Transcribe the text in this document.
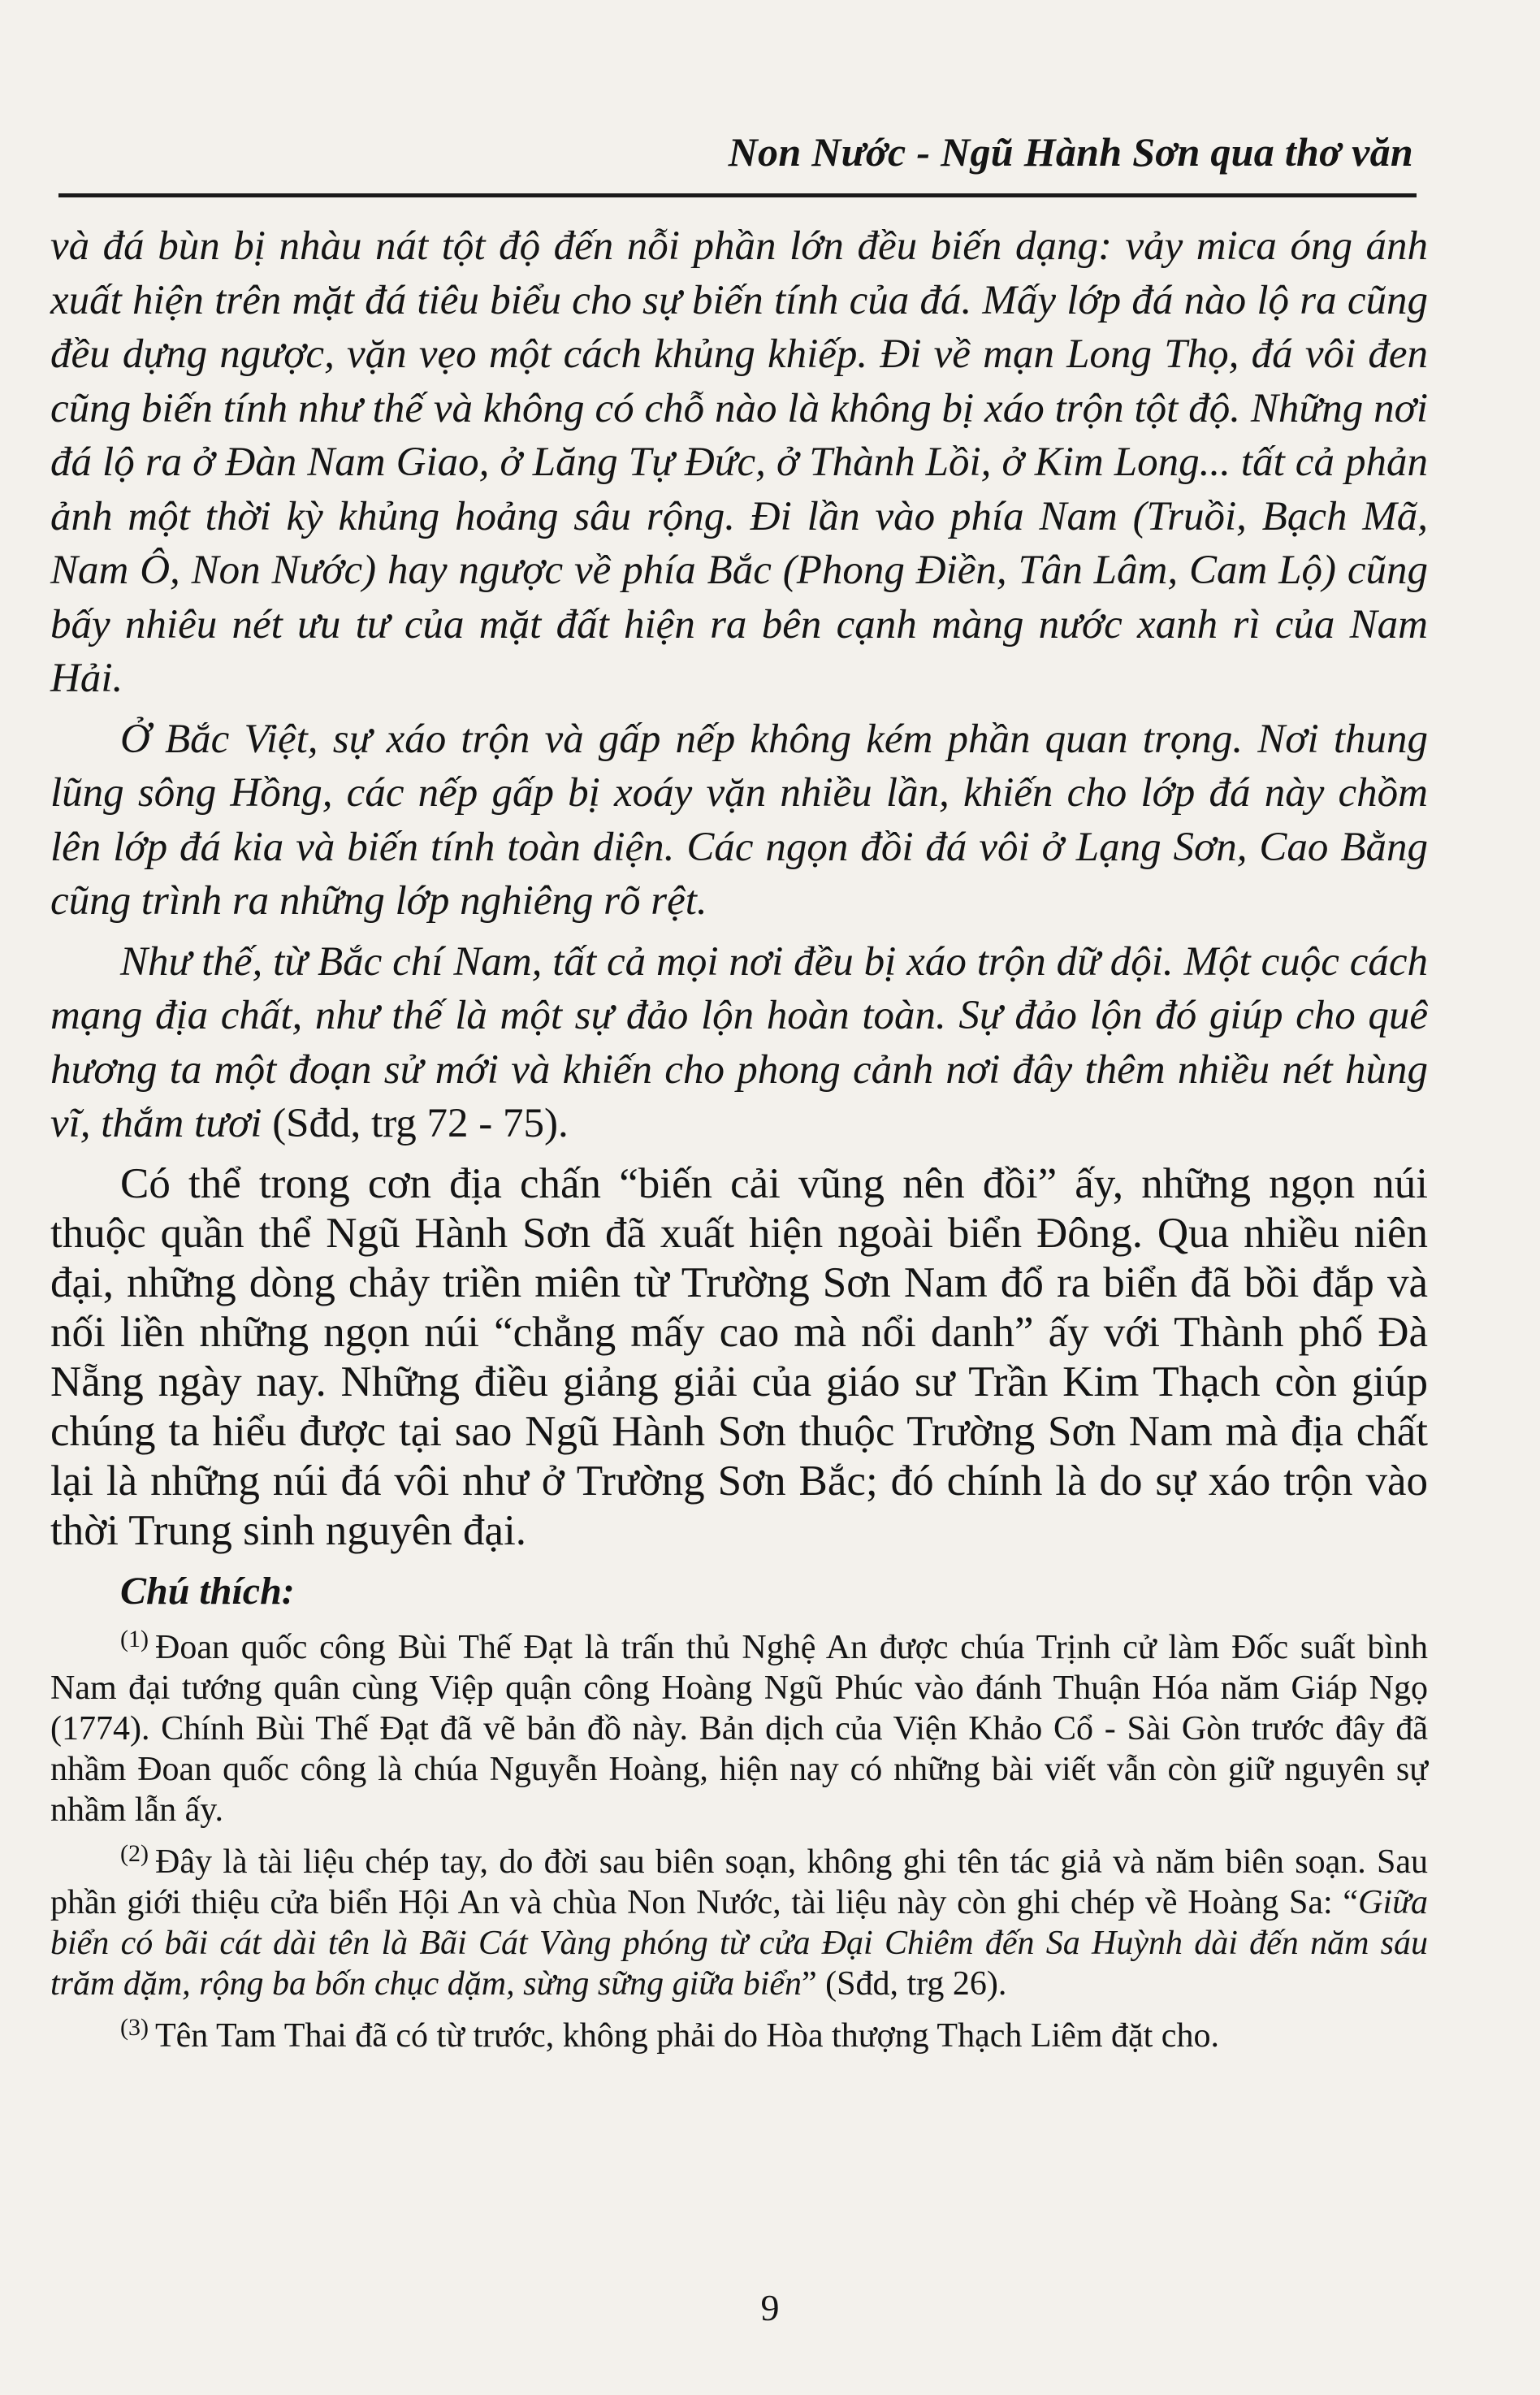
Non Nước - Ngũ Hành Sơn qua thơ văn

và đá bùn bị nhàu nát tột độ đến nỗi phần lớn đều biến dạng: vảy mica óng ánh xuất hiện trên mặt đá tiêu biểu cho sự biến tính của đá. Mấy lớp đá nào lộ ra cũng đều dựng ngược, vặn vẹo một cách khủng khiếp. Đi về mạn Long Thọ, đá vôi đen cũng biến tính như thế và không có chỗ nào là không bị xáo trộn tột độ. Những nơi đá lộ ra ở Đàn Nam Giao, ở Lăng Tự Đức, ở Thành Lồi, ở Kim Long... tất cả phản ảnh một thời kỳ khủng hoảng sâu rộng. Đi lần vào phía Nam (Truồi, Bạch Mã, Nam Ô, Non Nước) hay ngược về phía Bắc (Phong Điền, Tân Lâm, Cam Lộ) cũng bấy nhiêu nét ưu tư của mặt đất hiện ra bên cạnh màng nước xanh rì của Nam Hải.

Ở Bắc Việt, sự xáo trộn và gấp nếp không kém phần quan trọng. Nơi thung lũng sông Hồng, các nếp gấp bị xoáy vặn nhiều lần, khiến cho lớp đá này chồm lên lớp đá kia và biến tính toàn diện. Các ngọn đồi đá vôi ở Lạng Sơn, Cao Bằng cũng trình ra những lớp nghiêng rõ rệt.

Như thế, từ Bắc chí Nam, tất cả mọi nơi đều bị xáo trộn dữ dội. Một cuộc cách mạng địa chất, như thế là một sự đảo lộn hoàn toàn. Sự đảo lộn đó giúp cho quê hương ta một đoạn sử mới và khiến cho phong cảnh nơi đây thêm nhiều nét hùng vĩ, thắm tươi (Sđd, trg 72 - 75).

Có thể trong cơn địa chấn “biến cải vũng nên đồi” ấy, những ngọn núi thuộc quần thể Ngũ Hành Sơn đã xuất hiện ngoài biển Đông. Qua nhiều niên đại, những dòng chảy triền miên từ Trường Sơn Nam đổ ra biển đã bồi đắp và nối liền những ngọn núi “chẳng mấy cao mà nổi danh” ấy với Thành phố Đà Nẵng ngày nay. Những điều giảng giải của giáo sư Trần Kim Thạch còn giúp chúng ta hiểu được tại sao Ngũ Hành Sơn thuộc Trường Sơn Nam mà địa chất lại là những núi đá vôi như ở Trường Sơn Bắc; đó chính là do sự xáo trộn vào thời Trung sinh nguyên đại.

Chú thích:

$^{(1)}$ Đoan quốc công Bùi Thế Đạt là trấn thủ Nghệ An được chúa Trịnh cử làm Đốc suất bình Nam đại tướng quân cùng Việp quận công Hoàng Ngũ Phúc vào đánh Thuận Hóa năm Giáp Ngọ (1774). Chính Bùi Thế Đạt đã vẽ bản đồ này. Bản dịch của Viện Khảo Cổ - Sài Gòn trước đây đã nhầm Đoan quốc công là chúa Nguyễn Hoàng, hiện nay có những bài viết vẫn còn giữ nguyên sự nhầm lẫn ấy.

$^{(2)}$ Đây là tài liệu chép tay, do đời sau biên soạn, không ghi tên tác giả và năm biên soạn. Sau phần giới thiệu cửa biển Hội An và chùa Non Nước, tài liệu này còn ghi chép về Hoàng Sa: “Giữa biển có bãi cát dài tên là Bãi Cát Vàng phóng từ cửa Đại Chiêm đến Sa Huỳnh dài đến năm sáu trăm dặm, rộng ba bốn chục dặm, sừng sững giữa biển” (Sđd, trg 26).

$^{(3)}$ Tên Tam Thai đã có từ trước, không phải do Hòa thượng Thạch Liêm đặt cho.

9
